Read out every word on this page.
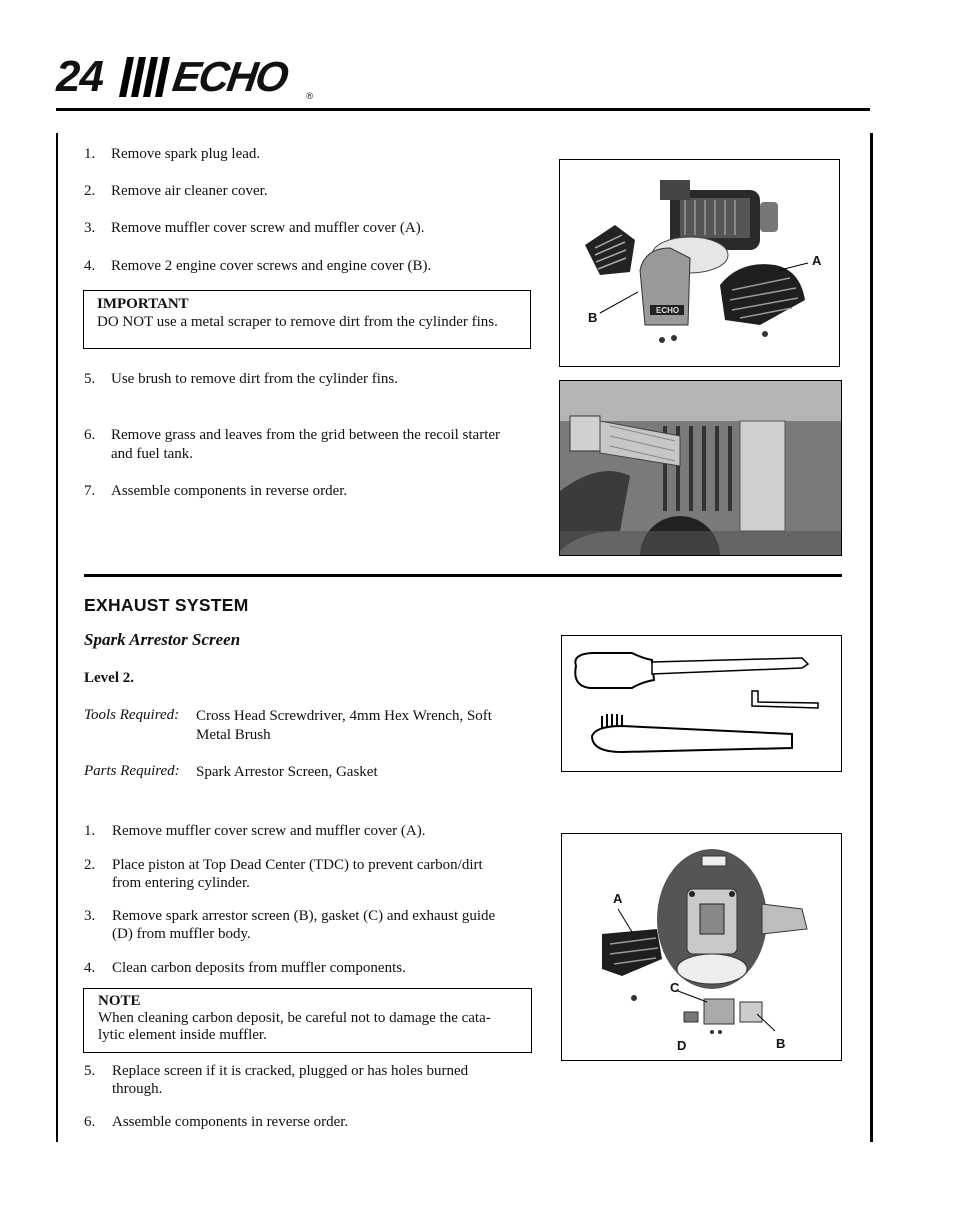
24 ECHO ®
1. Remove spark plug lead.
2. Remove air cleaner cover.
3. Remove muffler cover screw and muffler cover (A).
4. Remove 2 engine cover screws and engine cover (B).
IMPORTANT
DO NOT use a metal scraper to remove dirt from the cylinder fins.
5. Use brush to remove dirt from the cylinder fins.
6. Remove grass and leaves from the grid between the recoil starter
and fuel tank.
7. Assemble components in reverse order.
ECHO
A
B
EXHAUST SYSTEM
Spark Arrestor Screen
Level 2.
Tools Required: Cross Head Screwdriver, 4mm Hex Wrench, Soft
Metal Brush
Parts Required: Spark Arrestor Screen, Gasket
1. Remove muffler cover screw and muffler cover (A).
2. Place piston at Top Dead Center (TDC) to prevent carbon/dirt
from entering cylinder.
3. Remove spark arrestor screen (B), gasket (C) and exhaust guide
(D) from muffler body.
4. Clean carbon deposits from muffler components.
NOTE
When cleaning carbon deposit, be careful not to damage the cata-
lytic element inside muffler.
5. Replace screen if it is cracked, plugged or has holes burned
through.
6. Assemble components in reverse order.
A
B
C
D
